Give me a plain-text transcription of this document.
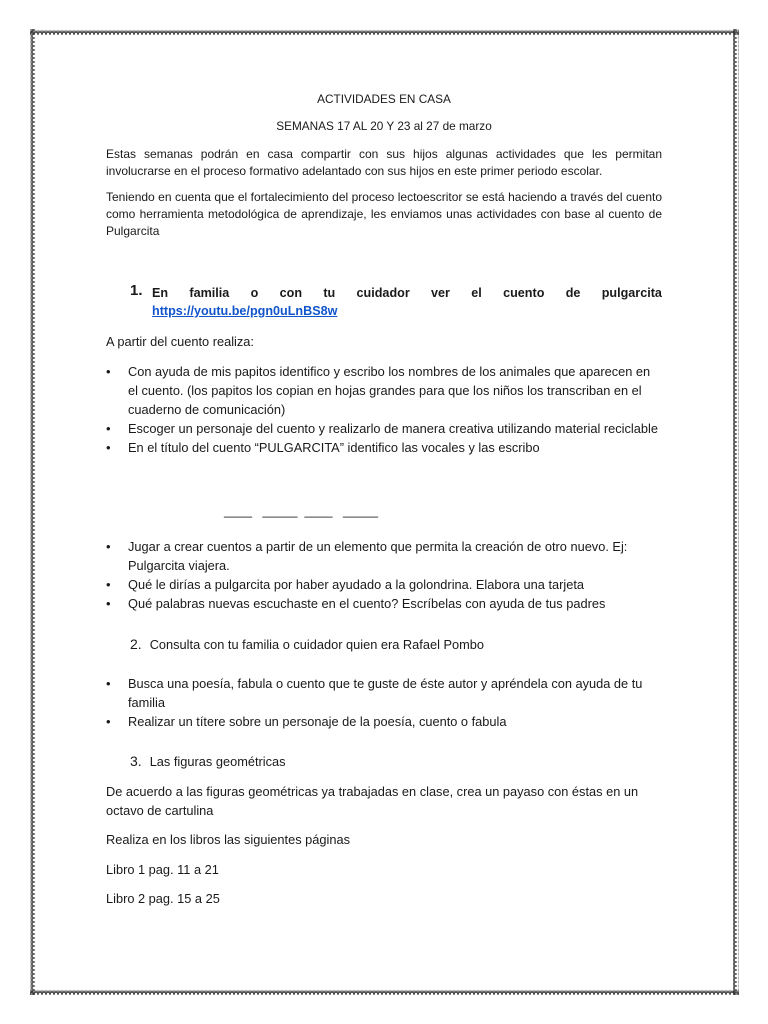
ACTIVIDADES EN CASA

SEMANAS 17 AL 20 Y 23 al 27 de marzo

Estas semanas podrán en casa compartir con sus hijos algunas actividades que les permitan involucrarse en el proceso formativo adelantado con sus hijos en este primer periodo escolar.

Teniendo en cuenta que el fortalecimiento del proceso lectoescritor se está haciendo a través del cuento como herramienta metodológica de aprendizaje, les enviamos unas actividades con base al cuento de Pulgarcita

1. En familia o con tu cuidador ver el cuento de pulgarcita
https://youtu.be/pgn0uLnBS8w

A partir del cuento realiza:

• Con ayuda de mis papitos identifico y escribo los nombres de los animales que aparecen en el cuento. (los papitos los copian en hojas grandes para que los niños los transcriban en el cuaderno de comunicación)
• Escoger un personaje del cuento y realizarlo de manera creativa utilizando material reciclable
• En el título del cuento “PULGARCITA” identifico las vocales y las escribo
____   _____  ____   _____
• Jugar a crear cuentos a partir de un elemento que permita la creación de otro nuevo. Ej: Pulgarcita viajera.
• Qué le dirías a pulgarcita por haber ayudado a la golondrina. Elabora una tarjeta
• Qué palabras nuevas escuchaste en el cuento? Escríbelas con ayuda de tus padres
2. Consulta con tu familia o cuidador quien era Rafael Pombo
• Busca una poesía, fabula o cuento que te guste de éste autor y apréndela con ayuda de tu familia
• Realizar un títere sobre un personaje de la poesía, cuento o fabula
3. Las figuras geométricas

De acuerdo a las figuras geométricas ya trabajadas en clase, crea un payaso con éstas en un octavo de cartulina

Realiza en los libros las siguientes páginas

Libro 1 pag. 11 a 21

Libro 2 pag. 15 a 25
